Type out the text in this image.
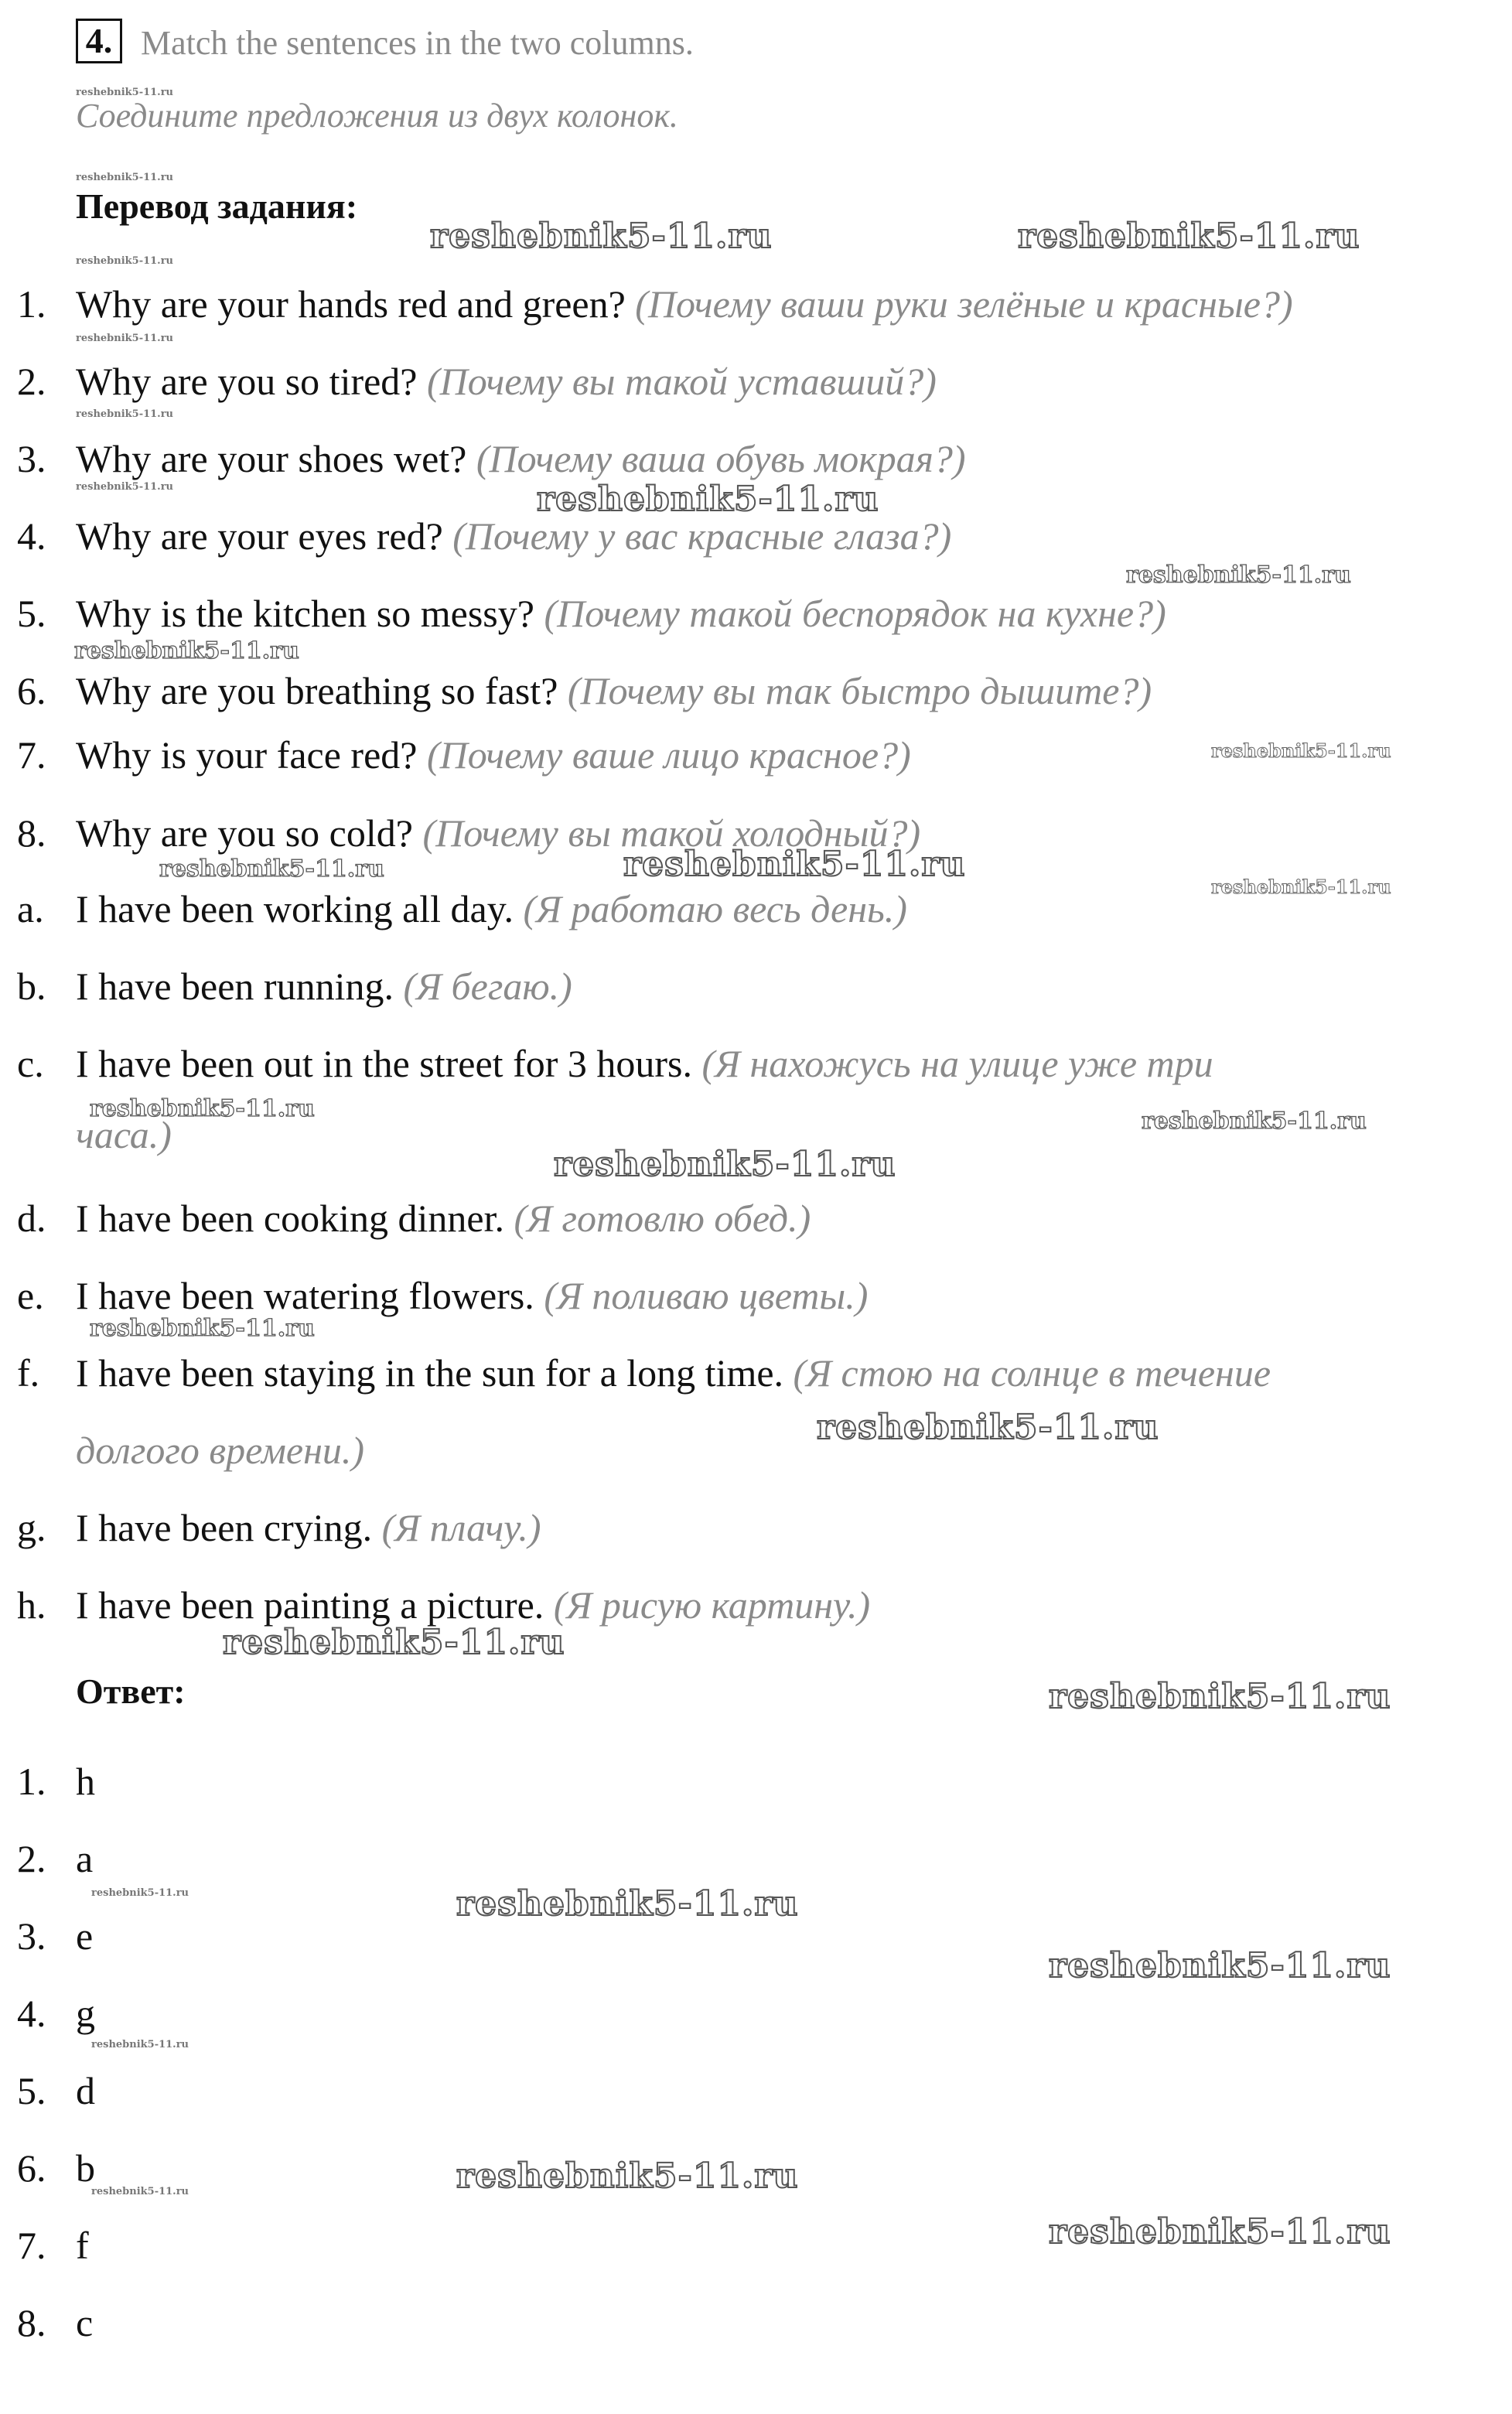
4. Match the sentences in the two columns.
Соедините предложения из двух колонок.
Перевод задания:
1. Why are your hands red and green? (Почему ваши руки зелёные и красные?)
2. Why are you so tired? (Почему вы такой уставший?)
3. Why are your shoes wet? (Почему ваша обувь мокрая?)
4. Why are your eyes red? (Почему у вас красные глаза?)
5. Why is the kitchen so messy? (Почему такой беспорядок на кухне?)
6. Why are you breathing so fast? (Почему вы так быстро дышите?)
7. Why is your face red? (Почему ваше лицо красное?)
8. Why are you so cold? (Почему вы такой холодный?)
a. I have been working all day. (Я работаю весь день.)
b. I have been running. (Я бегаю.)
c. I have been out in the street for 3 hours. (Я нахожусь на улице уже три
часа.)
d. I have been cooking dinner. (Я готовлю обед.)
e. I have been watering flowers. (Я поливаю цветы.)
f. I have been staying in the sun for a long time. (Я стою на солнце в течение
долгого времени.)
g. I have been crying. (Я плачу.)
h. I have been painting a picture. (Я рисую картину.)
Ответ:
1. h
2. a
3. e
4. g
5. d
6. b
7. f
8. c
reshebnik5-11.ru
reshebnik5-11.ru
reshebnik5-11.ru
reshebnik5-11.ru
reshebnik5-11.ru
reshebnik5-11.ru
reshebnik5-11.ru	reshebnik5-11.ru
reshebnik5-11.ru
reshebnik5-11.ru
reshebnik5-11.ru
reshebnik5-11.ru
reshebnik5-11.ru	reshebnik5-11.ru
reshebnik5-11.ru
reshebnik5-11.ru	reshebnik5-11.ru
reshebnik5-11.ru
reshebnik5-11.ru
reshebnik5-11.ru
reshebnik5-11.ru
reshebnik5-11.ru
reshebnik5-11.ru	reshebnik5-11.ru
reshebnik5-11.ru
reshebnik5-11.ru
reshebnik5-11.ru
reshebnik5-11.ru
reshebnik5-11.ru
